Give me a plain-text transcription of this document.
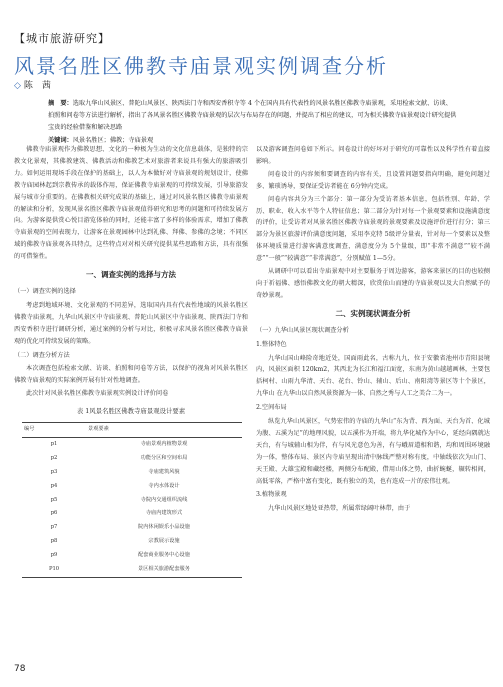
【城市旅游研究】
风景名胜区佛教寺庙景观实例调查分析
◇ 陈　茜
摘　要：选取九华山风景区、普陀山风景区、陕西法门寺和西安香积寺等 4 个在国内具有代表性的风景名胜区佛教寺庙景观，采用检索文献、访谈、拍照和问卷等方法进行解析，指出了各风景名胜区佛教寺庙景观的层次与布局存在的问题，并提出了相应的建议，可为相关佛教寺庙景观设计研究提供宝贵的经验借鉴和解决思路
关键词：风景名胜区；佛教；寺庙景观

佛教寺庙景观作为佛教思想、文化的一种极为生动的文化信息载体，是独特的宗教文化景观，其佛教建筑、佛教活动和佛教艺术对旅游者来说具有强大的旅游吸引力。如何运用现场手段在保护的基础上，以人为本做好对寺庙景观的规划设计，使佛教寺庙园林起到宗教传承的载体作用，保证佛教寺庙景观的可持续发展，引导旅游发展与城市分重要的。在佛教相关研究成果的基础上，通过对风景名胜区佛教寺庙景观的解读和分析，发现风景名胜区佛教寺庙景观值得研究和思考的问题和可持续发展方向。为游客提供赏心悦目游览体验的同时，还能丰富了多样的体验需求，增加了佛教寺庙景观的空间表现力，让游客在景观园林中达到礼佛、拜佛、参佛的念境；不同区域的佛教寺庙景观各具特点，这些特点对对相关研究提供某些思路和方法，具有很强的可借鉴性。

一、调查实例的选择与方法
（一）调查实例的选择

考虑到地域环境、文化景观的不同差异，选取国内具有代表性地域的风景名胜区佛教寺庙景观，九华山风景区中寺庙景观、普陀山风景区中寺庙景观、陕西法门寺和西安香积寺进行调研分析，通过案例的分析与对比，积极寻求风景名胜区佛教寺庙景观的优化可持续发展的策略。

（二）调查分析方法

本次调查包括检索文献、访谈、拍照和问卷等方法，以保护的视角对风景名胜区佛教寺庙景观的实际案例开展有针对性地调查。

此次针对风景名胜区佛教寺庙景观实例设计评价问卷

表 1风景名胜区佛教寺庙景观设计要素
编号	景观要素
p1	寺庙景观内植物景观
p2	功能分区和空间布局
p3	寺庙建筑风貌
p4	寺内水体设计
p5	寺院内交通组织流线
p6	寺庙内建筑形式
p7	院内休闲娱乐小品设施
p8	宗教展示设施
p9	配套商业服务中心设施
P10	景区相关旅游配套服务

以及游客调查问卷如下所示。问卷设计的好坏对于研究的可靠性以及科学性有着直接影响。

问卷设计的内容须和要调查的内容有关，且设置问题要指向明确，避免问题过多、繁琐诱导，要保证受访者能在 6分钟内完成。

问卷内容共分为三个部分：第一部分为受访者基本信息，包括性别、年龄、学历、职业、收入水平等个人特征信息；第二部分为针对每一个景观要素和设施满意度的评价，让受访者对风景名胜区佛教寺庙景观的景观要素及设施评价进行打分；第三部分为景区旅游评价满意度问题，采用李克特 5级评分量表，针对每一个要素以及整体环境质量进行游客满意度调查，满意度分为 5个量级，即“非常不满意”“较不满意”“一般”“较满意”“非常满意”，分别赋值 1—5分。

从调研中可以看出寺庙景观中对主要服务于周边游客，游客来景区的目的也较侧向于祈福佛、感悟佛教文化的朝大精深，欣赏依山而建的寺庙景观以及大自然赋予的奇妙景观。

二、实例现状调查分析
（一）九华山风景区现状调查分析
1.整体特色

九华山国山峰险奇地近处，国面雨此名，古称九九，位于安徽省池州市青阳县境内，风景区面积 120km2，其西北为长江和福江面宽，东南为黄山越越画林，主要包括柯村、山雨九华清、天台、花台、铃山、辅山、后山、南阳湾等景区等十个景区，九华山 在九华山以自然风景资源为一体、自然之秀与人工之美合二为一。

2.空间布局

纵览九华山风景区，气势宏伟的寺庙的九华山“东为背、西为面、天台为首、化城为腹、五溪为足”的地理风貌，以五溪作为开端，将九华化城作为中心，延经向隅就达天台，有与城辅山相为伴，有与风光意色为善，有与峨眉道相和谐，均和周围环境融为一体，整体布局、景区内寺庙呈现出清中脉线严整对称有度，中轴线依次为山门、天王殿、大雄宝殿和藏经楼，两侧分布配殿，借用山体之势，曲折蜿蜒，辗转相间，高低零落，严格中富有变化，既有独立的美，也有连成一片的宏伟壮观。

3.植物景观

九华山风景区地处亚热带，所属常绿阔叶林带，由于

78
